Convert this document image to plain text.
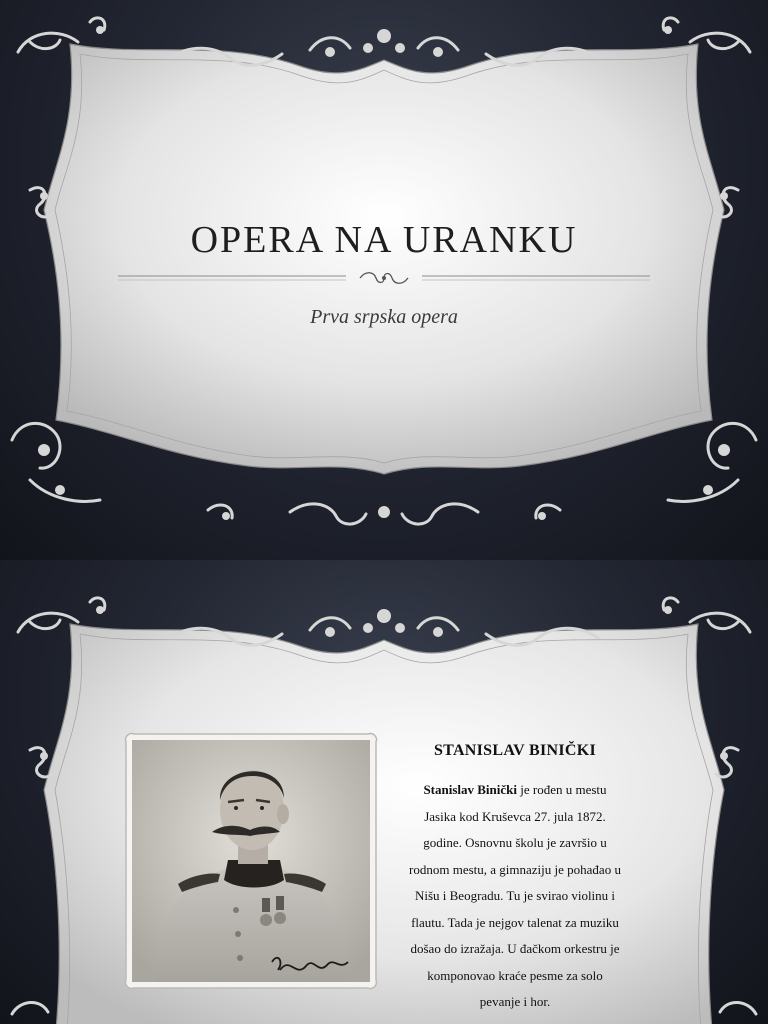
OPERA NA URANKU
Prva srpska opera
STANISLAV BINIČKI
Stanislav Binički je rođen u mestu Jasika kod Kruševca 27. jula 1872. godine. Osnovnu školu je završio u rodnom mestu, a gimnaziju je pohađao u Nišu i Beogradu. Tu je svirao violinu i flautu. Tada je nejgov talenat za muziku došao do izražaja. U đačkom orkestru je komponovao kraće pesme za solo pevanje i hor.
